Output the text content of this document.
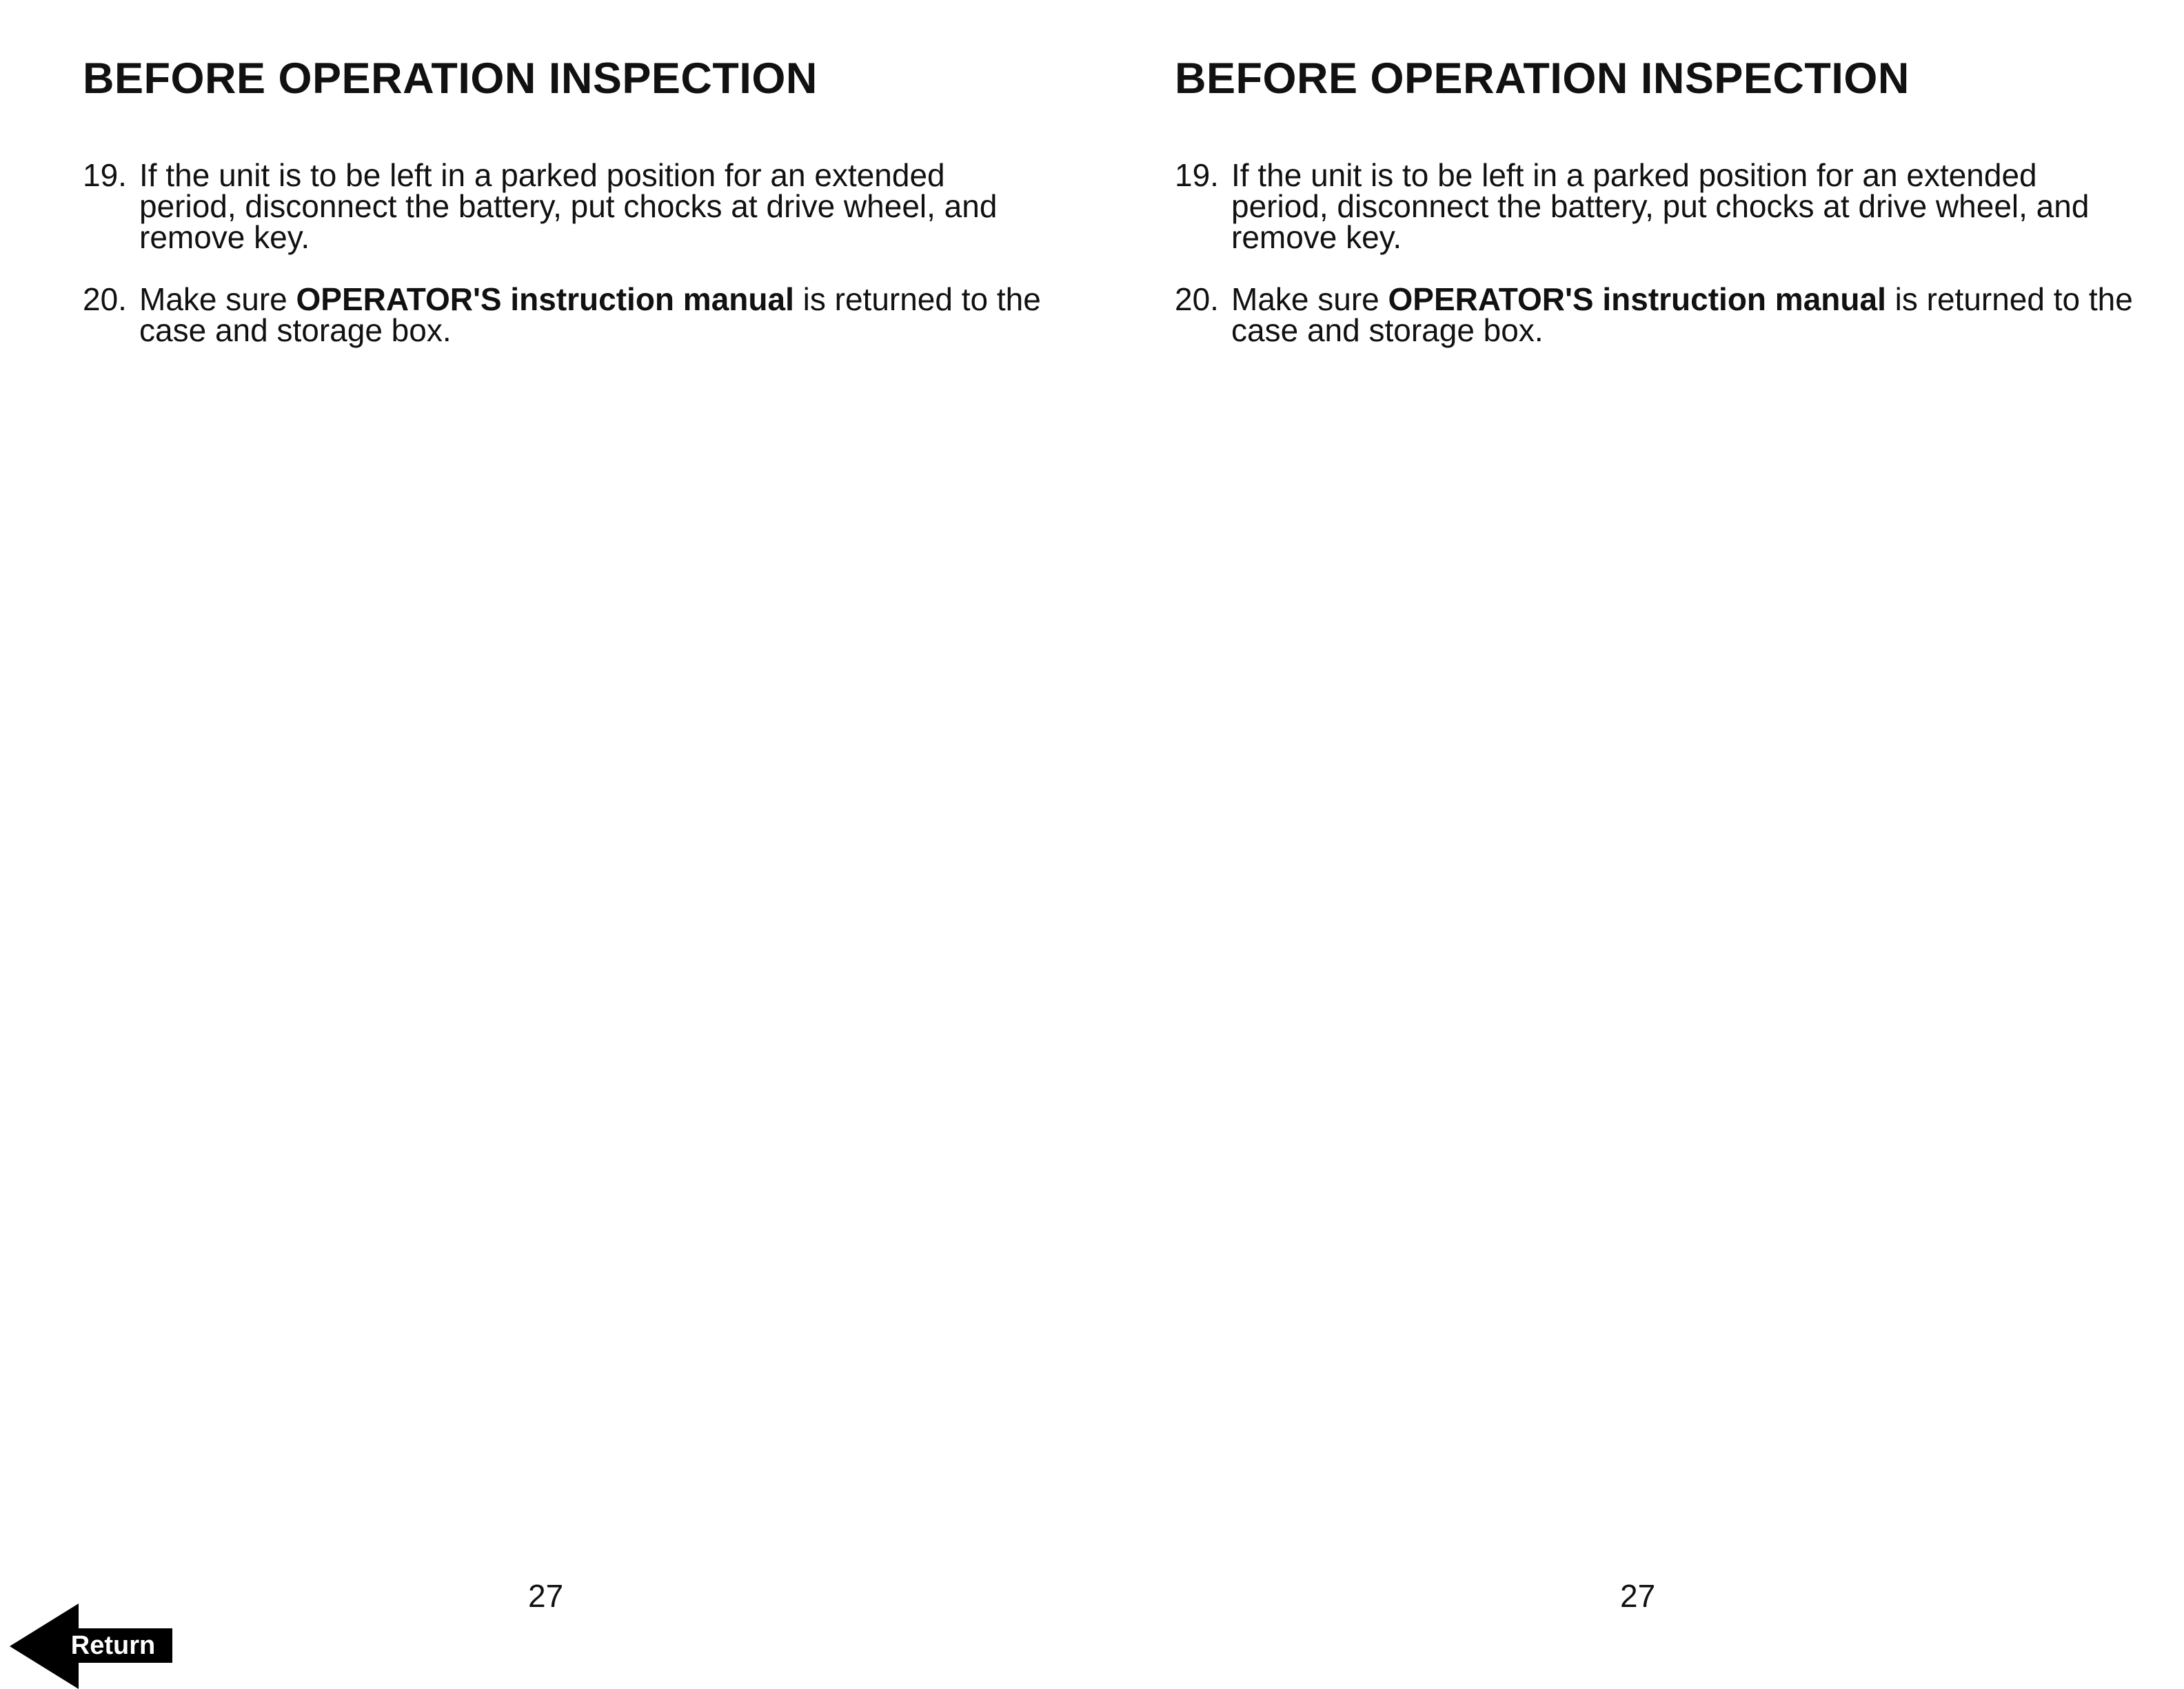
BEFORE OPERATION INSPECTION
19. If the unit is to be left in a parked position for an extended period, disconnect the battery, put chocks at drive wheel, and remove key.
20. Make sure OPERATOR'S instruction manual is returned to the case and storage box.
27
BEFORE OPERATION INSPECTION
19. If the unit is to be left in a parked position for an extended period, disconnect the battery, put chocks at drive wheel, and remove key.
20. Make sure OPERATOR'S instruction manual is returned to the case and storage box.
27
Return
